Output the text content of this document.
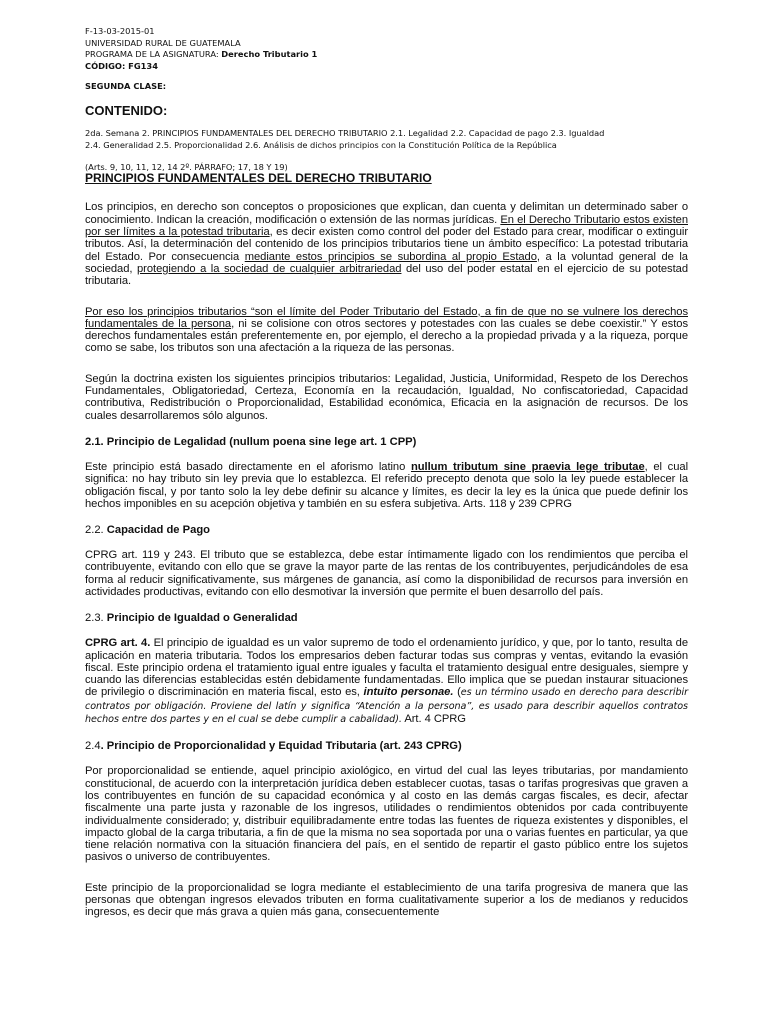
F-13-03-2015-01
UNIVERSIDAD RURAL DE GUATEMALA
PROGRAMA DE LA ASIGNATURA: Derecho Tributario 1
CÓDIGO: FG134
SEGUNDA CLASE:
CONTENIDO:
2da. Semana 2. PRINCIPIOS FUNDAMENTALES DEL DERECHO TRIBUTARIO 2.1. Legalidad 2.2. Capacidad de pago 2.3. Igualdad
2.4. Generalidad 2.5. Proporcionalidad 2.6. Análisis de dichos principios con la Constitución Política de la República
(Arts. 9, 10, 11, 12, 14 2º. PÁRRAFO; 17, 18 Y 19)
PRINCIPIOS FUNDAMENTALES DEL DERECHO TRIBUTARIO

Los principios, en derecho son conceptos o proposiciones que explican, dan cuenta y delimitan un determinado saber o conocimiento. Indican la creación, modificación o extensión de las normas jurídicas. En el Derecho Tributario estos existen por ser límites a la potestad tributaria, es decir existen como control del poder del Estado para crear, modificar o extinguir tributos. Así, la determinación del contenido de los principios tributarios tiene un ámbito específico: La potestad tributaria del Estado. Por consecuencia mediante estos principios se subordina al propio Estado, a la voluntad general de la sociedad, protegiendo a la sociedad de cualquier arbitrariedad del uso del poder estatal en el ejercicio de su potestad tributaria.

Por eso los principios tributarios “son el límite del Poder Tributario del Estado, a fin de que no se vulnere los derechos fundamentales de la persona, ni se colisione con otros sectores y potestades con las cuales se debe coexistir.” Y estos derechos fundamentales están preferentemente en, por ejemplo, el derecho a la propiedad privada y a la riqueza, porque como se sabe, los tributos son una afectación a la riqueza de las personas.

Según la doctrina existen los siguientes principios tributarios: Legalidad, Justicia, Uniformidad, Respeto de los Derechos Fundamentales, Obligatoriedad, Certeza, Economía en la recaudación, Igualdad, No confiscatoriedad, Capacidad contributiva, Redistribución o Proporcionalidad, Estabilidad económica, Eficacia en la asignación de recursos. De los cuales desarrollaremos sólo algunos.

2.1. Principio de Legalidad (nullum poena sine lege art. 1 CPP)

Este principio está basado directamente en el aforismo latino nullum tributum sine praevia lege tributae, el cual significa: no hay tributo sin ley previa que lo establezca. El referido precepto denota que solo la ley puede establecer la obligación fiscal, y por tanto solo la ley debe definir su alcance y límites, es decir la ley es la única que puede definir los hechos imponibles en su acepción objetiva y también en su esfera subjetiva. Arts. 118 y 239 CPRG

2.2. Capacidad de Pago

CPRG art. 119 y 243. El tributo que se establezca, debe estar íntimamente ligado con los rendimientos que perciba el contribuyente, evitando con ello que se grave la mayor parte de las rentas de los contribuyentes, perjudicándoles de esa forma al reducir significativamente, sus márgenes de ganancia, así como la disponibilidad de recursos para inversión en actividades productivas, evitando con ello desmotivar la inversión que permite el buen desarrollo del país.

2.3. Principio de Igualdad o Generalidad

CPRG art. 4. El principio de igualdad es un valor supremo de todo el ordenamiento jurídico, y que, por lo tanto, resulta de aplicación en materia tributaria. Todos los empresarios deben facturar todas sus compras y ventas, evitando la evasión fiscal. Este principio ordena el tratamiento igual entre iguales y faculta el tratamiento desigual entre desiguales, siempre y cuando las diferencias establecidas estén debidamente fundamentadas. Ello implica que se puedan instaurar situaciones de privilegio o discriminación en materia fiscal, esto es, intuito personae. (es un término usado en derecho para describir contratos por obligación. Proviene del latín y significa “Atención a la persona”, es usado para describir aquellos contratos hechos entre dos partes y en el cual se debe cumplir a cabalidad). Art. 4 CPRG

2.4. Principio de Proporcionalidad y Equidad Tributaria (art. 243 CPRG)

Por proporcionalidad se entiende, aquel principio axiológico, en virtud del cual las leyes tributarias, por mandamiento constitucional, de acuerdo con la interpretación jurídica deben establecer cuotas, tasas o tarifas progresivas que graven a los contribuyentes en función de su capacidad económica y al costo en las demás cargas fiscales, es decir, afectar fiscalmente una parte justa y razonable de los ingresos, utilidades o rendimientos obtenidos por cada contribuyente individualmente considerado; y, distribuir equilibradamente entre todas las fuentes de riqueza existentes y disponibles, el impacto global de la carga tributaria, a fin de que la misma no sea soportada por una o varias fuentes en particular, ya que tiene relación normativa con la situación financiera del país, en el sentido de repartir el gasto público entre los sujetos pasivos o universo de contribuyentes.

Este principio de la proporcionalidad se logra mediante el establecimiento de una tarifa progresiva de manera que las personas que obtengan ingresos elevados tributen en forma cualitativamente superior a los de medianos y reducidos ingresos, es decir que más grava a quien más gana, consecuentemente
